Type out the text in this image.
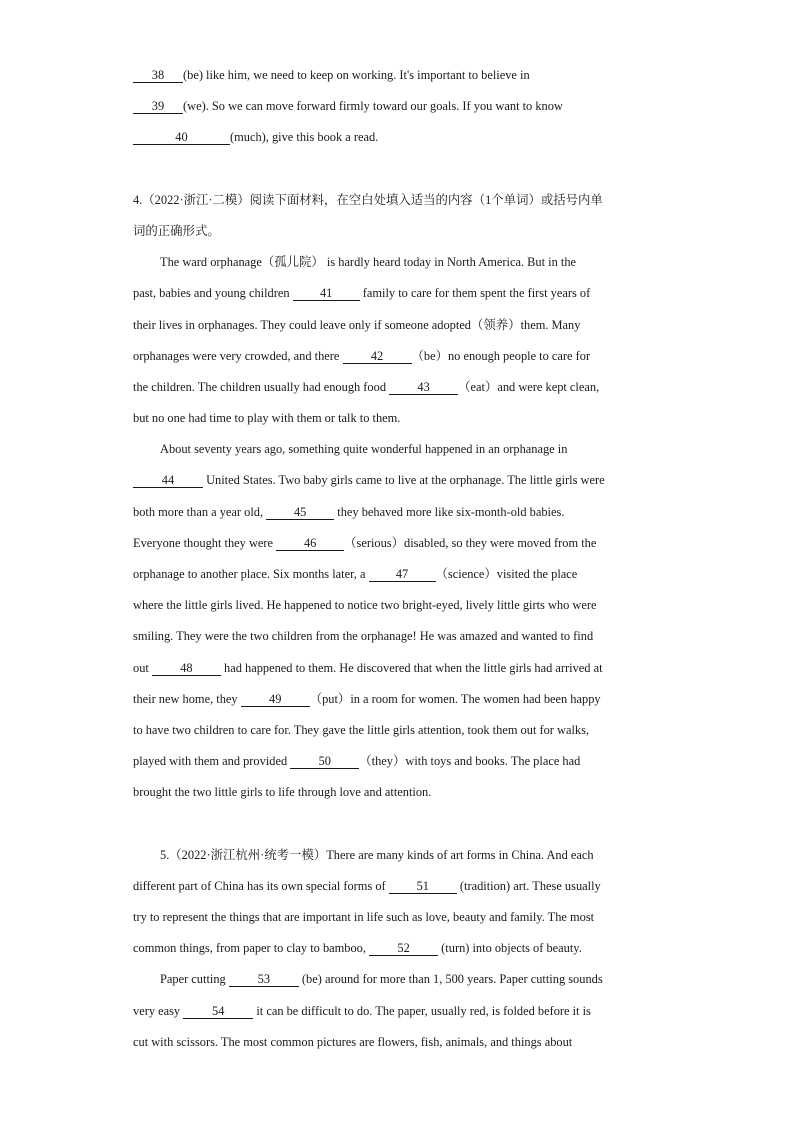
38 (be) like him, we need to keep on working. It's important to believe in
39 (we). So we can move forward firmly toward our goals. If you want to know
40	(much), give this book a read.
4.（2022·浙江·二模）阅读下面材料，在空白处填入适当的内容（1个单词）或括号内单
词的正确形式。
The ward orphanage（孤儿院） is hardly heard today in North America. But in the
past, babies and young children 41 family to care for them spent the first years of
their lives in orphanages. They could leave only if someone adopted（领养）them. Many
orphanages were very crowded, and there 42 （be）no enough people to care for
the children. The children usually had enough food 43 （eat）and were kept clean,
but no one had time to play with them or talk to them.
About seventy years ago, something quite wonderful happened in an orphanage in
44 United States. Two baby girls came to live at the orphanage. The little girls were
both more than a year old, 45 they behaved more like six-month-old babies.
Everyone thought they were 46 （serious）disabled, so they were moved from the
orphanage to another place. Six months later, a 47 （science）visited the place
where the little girls lived. He happened to notice two bright-eyed, lively little girts who were
smiling. They were the two children from the orphanage! He was amazed and wanted to find
out 48 had happened to them. He discovered that when the little girls had arrived at
their new home, they 49 （put）in a room for women. The women had been happy
to have two children to care for. They gave the little girls attention, took them out for walks,
played with them and provided 50 （they）with toys and books. The place had
brought the two little girls to life through love and attention.
5.（2022·浙江杭州·统考一模）There are many kinds of art forms in China. And each
different part of China has its own special forms of 51 (tradition) art. These usually
try to represent the things that are important in life such as love, beauty and family. The most
common things, from paper to clay to bamboo, 52 (turn) into objects of beauty.
Paper cutting 53 (be) around for more than 1, 500 years. Paper cutting sounds
very easy 54 it can be difficult to do. The paper, usually red, is folded before it is
cut with scissors. The most common pictures are flowers, fish, animals, and things about
